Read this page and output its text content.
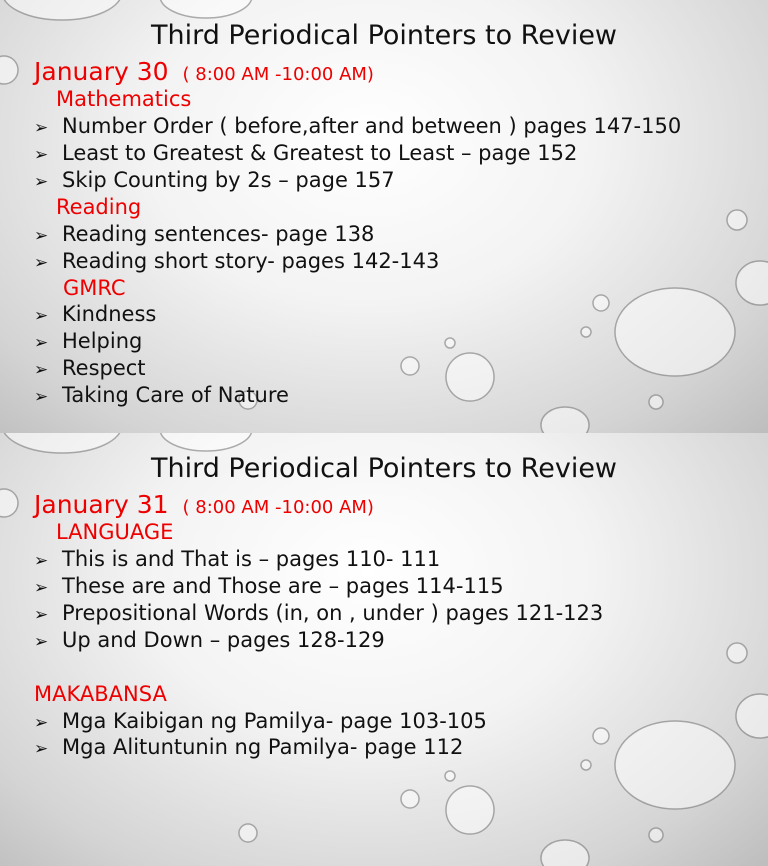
Third Periodical Pointers to Review
January 30 ( 8:00 AM -10:00 AM)
Mathematics
➢ Number Order ( before,after and between ) pages 147-150
➢ Least to Greatest & Greatest to Least – page 152
➢ Skip Counting by 2s – page 157
Reading
➢ Reading sentences- page 138
➢ Reading short story- pages 142-143
GMRC
➢ Kindness
➢ Helping
➢ Respect
➢ Taking Care of Nature
Third Periodical Pointers to Review
January 31 ( 8:00 AM -10:00 AM)
LANGUAGE
➢ This is and That is – pages 110- 111
➢ These are and Those are – pages 114-115
➢ Prepositional Words (in, on , under ) pages 121-123
➢ Up and Down – pages 128-129
MAKABANSA
➢ Mga Kaibigan ng Pamilya- page 103-105
➢ Mga Alituntunin ng Pamilya- page 112
